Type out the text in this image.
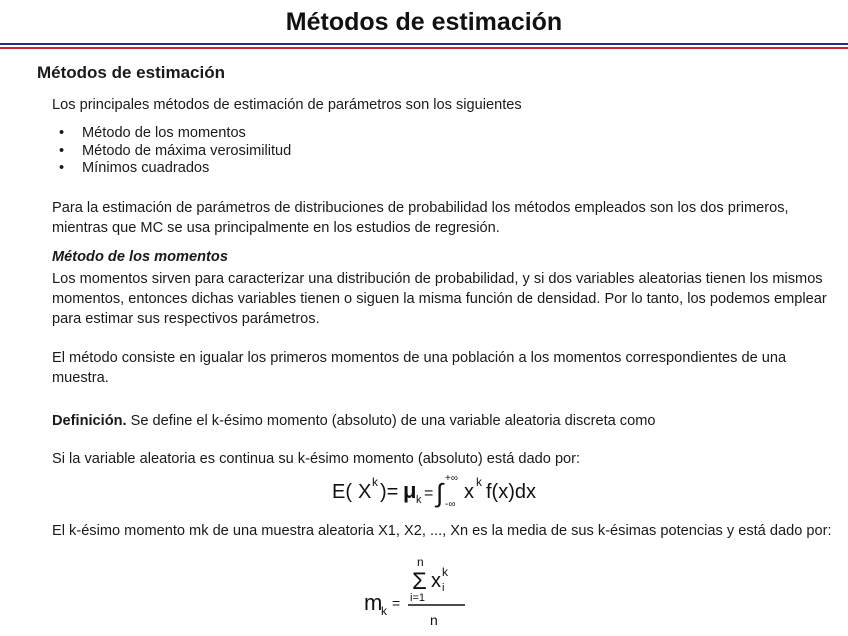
Métodos de estimación
Métodos de estimación

Los principales métodos de estimación de parámetros son los siguientes

• Método de los momentos
• Método de máxima verosimilitud
• Mínimos cuadrados

Para la estimación de parámetros de distribuciones de probabilidad los métodos empleados son los dos primeros, mientras que MC se usa principalmente en los estudios de regresión.

Método de los momentos

Los momentos sirven para caracterizar una distribución de probabilidad, y si dos variables aleatorias tienen los mismos momentos, entonces dichas variables tienen o siguen la misma función de densidad. Por lo tanto, los podemos emplear para estimar sus respectivos parámetros.

El método consiste en igualar los primeros momentos de una población a los momentos correspondientes de una muestra.

Definición. Se define el k-ésimo momento (absoluto) de una variable aleatoria discreta como

Si la variable aleatoria es continua su k-ésimo momento (absoluto) está dado por:

E( X k )= μ k = ∫ +∞
-∞
x k f(x)dx

El k-ésimo momento mk de una muestra aleatoria X1, X2, ..., Xn es la media de sus k-ésimas potencias y está dado por:

m
k =
n
Σ
i=1
x k
i
n
